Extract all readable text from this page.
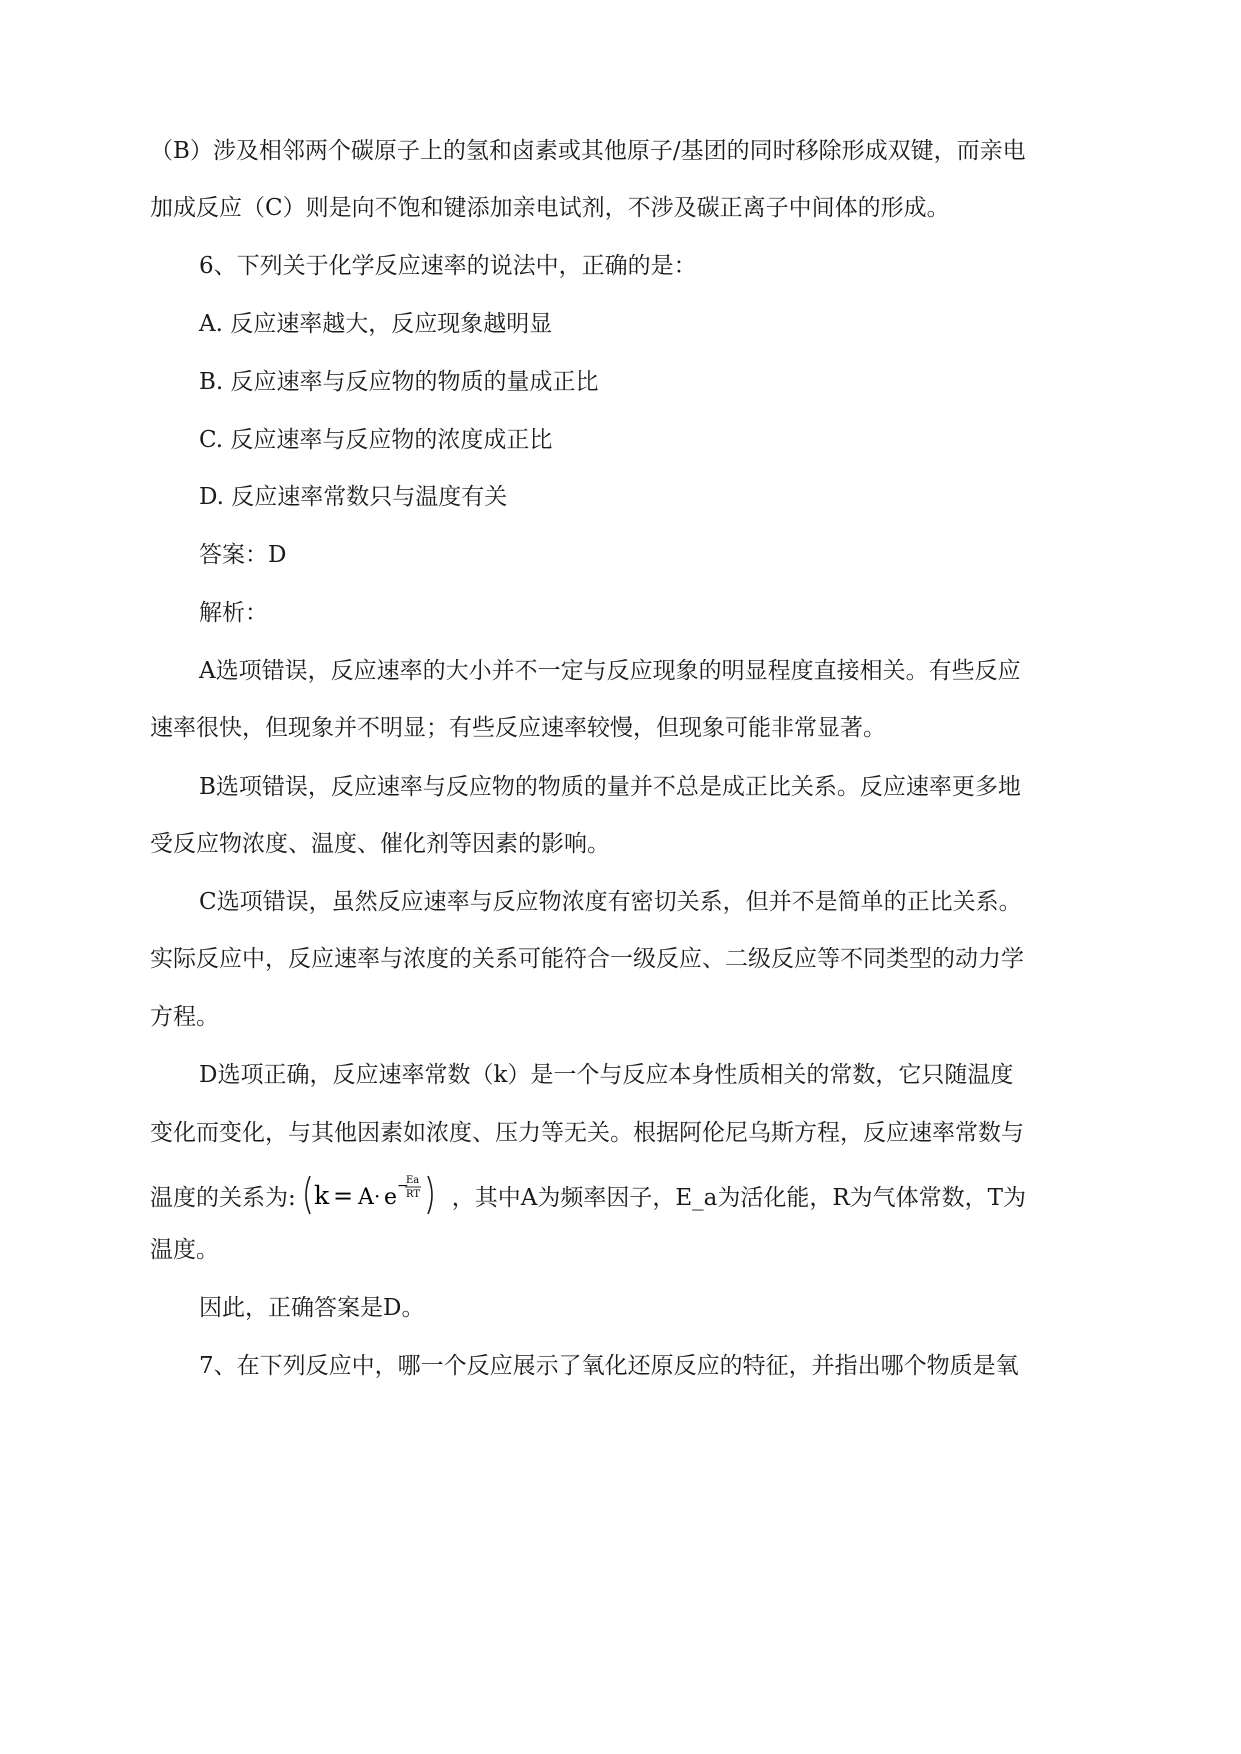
（B）涉及相邻两个碳原子上的氢和卤素或其他原子/基团的同时移除形成双键，而亲电
加成反应（C）则是向不饱和键添加亲电试剂，不涉及碳正离子中间体的形成。
6、下列关于化学反应速率的说法中，正确的是：
A. 反应速率越大，反应现象越明显
B. 反应速率与反应物的物质的量成正比
C. 反应速率与反应物的浓度成正比
D. 反应速率常数只与温度有关
答案：D
解析：
A选项错误，反应速率的大小并不一定与反应现象的明显程度直接相关。有些反应
速率很快，但现象并不明显；有些反应速率较慢，但现象可能非常显著。
B选项错误，反应速率与反应物的物质的量并不总是成正比关系。反应速率更多地
受反应物浓度、温度、催化剂等因素的影响。
C选项错误，虽然反应速率与反应物浓度有密切关系，但并不是简单的正比关系。
实际反应中，反应速率与浓度的关系可能符合一级反应、二级反应等不同类型的动力学
方程。
D选项正确，反应速率常数（k）是一个与反应本身性质相关的常数，它只随温度
变化而变化，与其他因素如浓度、压力等无关。根据阿伦尼乌斯方程，反应速率常数与
温度的关系为: k = A · e −
Ea
RT ，其中A为频率因子，E_a为活化能，R为气体常数，T为
温度。
因此，正确答案是D。
7、在下列反应中，哪一个反应展示了氧化还原反应的特征，并指出哪个物质是氧
